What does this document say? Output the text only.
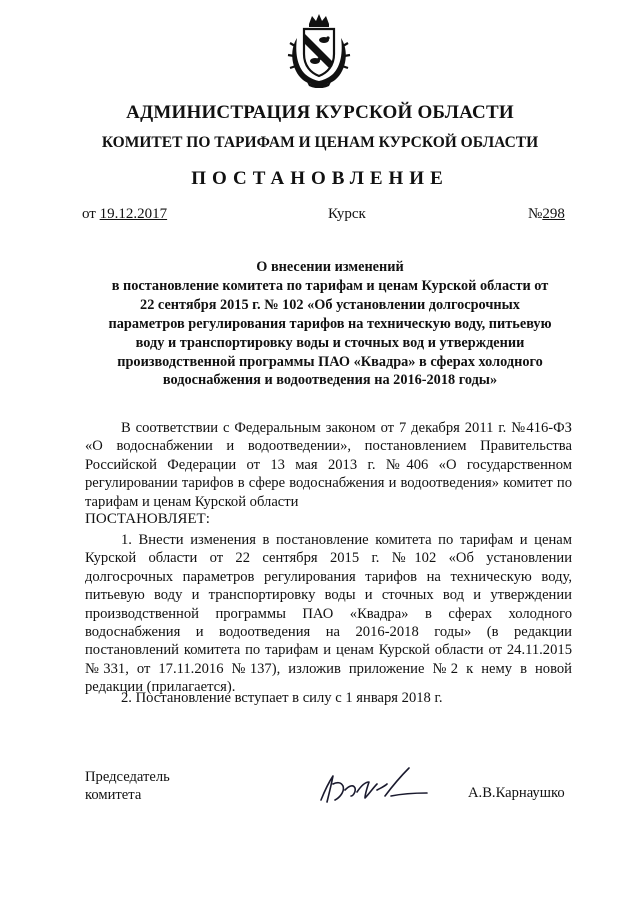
АДМИНИСТРАЦИЯ КУРСКОЙ ОБЛАСТИ
КОМИТЕТ ПО ТАРИФАМ И ЦЕНАМ КУРСКОЙ ОБЛАСТИ
ПОСТАНОВЛЕНИЕ
от 19.12.2017	Курск	№298
О внесении изменений
в постановление комитета по тарифам и ценам Курской области от
22 сентября 2015 г. № 102 «Об установлении долгосрочных
параметров регулирования тарифов на техническую воду, питьевую
воду и транспортировку воды и сточных вод и утверждении
производственной программы ПАО «Квадра» в сферах холодного
водоснабжения и водоотведения на 2016-2018 годы»

В соответствии с Федеральным законом от 7 декабря 2011 г. №416-ФЗ «О водоснабжении и водоотведении», постановлением Правительства Российской Федерации от 13 мая 2013 г. №406 «О государственном регулировании тарифов в сфере водоснабжения и водоотведения» комитет по тарифам и ценам Курской области

ПОСТАНОВЛЯЕТ:

1. Внести изменения в постановление комитета по тарифам и ценам Курской области от 22 сентября 2015 г. №102 «Об установлении долгосрочных параметров регулирования тарифов на техническую воду, питьевую воду и транспортировку воды и сточных вод и утверждении производственной программы ПАО «Квадра» в сферах холодного водоснабжения и водоотведения на 2016-2018 годы» (в редакции постановлений комитета по тарифам и ценам Курской области от 24.11.2015 №331, от 17.11.2016 №137), изложив приложение №2 к нему в новой редакции (прилагается).

2. Постановление вступает в силу с 1 января 2018 г.

Председатель
комитета	А.В.Карнаушко
